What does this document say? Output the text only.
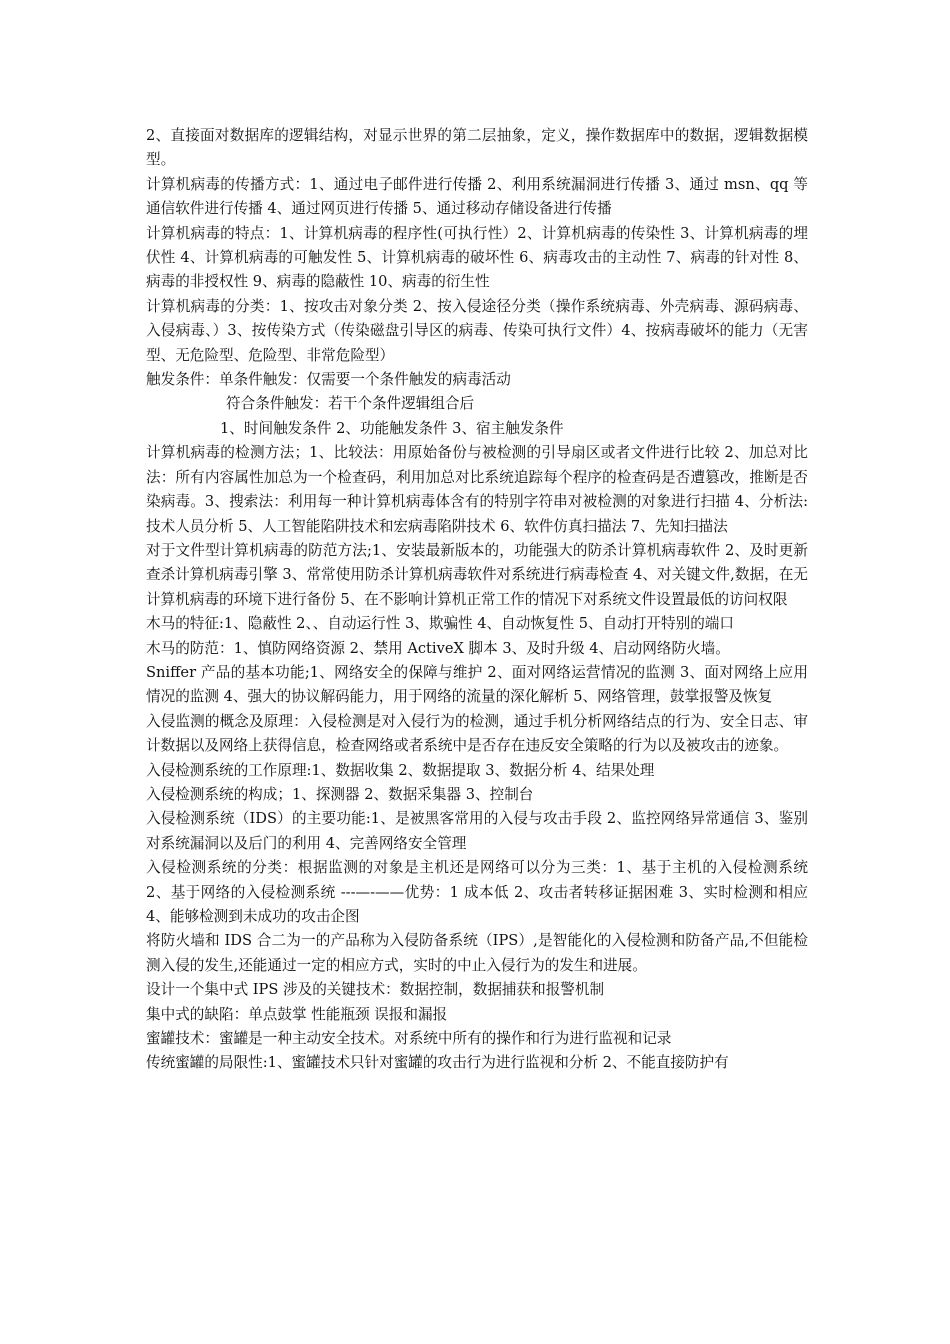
2、直接面对数据库的逻辑结构，对显示世界的第二层抽象，定义，操作数据库中的数据，逻辑数据模型。

计算机病毒的传播方式：1、通过电子邮件进行传播 2、利用系统漏洞进行传播 3、通过 msn、qq 等通信软件进行传播 4、通过网页进行传播 5、通过移动存储设备进行传播

计算机病毒的特点：1、计算机病毒的程序性(可执行性）2、计算机病毒的传染性 3、计算机病毒的埋伏性 4、计算机病毒的可触发性 5、计算机病毒的破坏性 6、病毒攻击的主动性 7、病毒的针对性 8、病毒的非授权性 9、病毒的隐蔽性 10、病毒的衍生性

计算机病毒的分类：1、按攻击对象分类 2、按入侵途径分类（操作系统病毒、外壳病毒、源码病毒、入侵病毒、）3、按传染方式（传染磁盘引导区的病毒、传染可执行文件）4、按病毒破坏的能力（无害型、无危险型、危险型、非常危险型）

触发条件：单条件触发：仅需要一个条件触发的病毒活动

符合条件触发：若干个条件逻辑组合后

1、时间触发条件 2、功能触发条件 3、宿主触发条件

计算机病毒的检测方法；1、比较法：用原始备份与被检测的引导扇区或者文件进行比较 2、加总对比法：所有内容属性加总为一个检查码，利用加总对比系统追踪每个程序的检查码是否遭篡改，推断是否染病毒。3、搜索法：利用每一种计算机病毒体含有的特别字符串对被检测的对象进行扫描 4、分析法:技术人员分析 5、人工智能陷阱技术和宏病毒陷阱技术 6、软件仿真扫描法 7、先知扫描法

对于文件型计算机病毒的防范方法;1、安装最新版本的，功能强大的防杀计算机病毒软件 2、及时更新查杀计算机病毒引擎 3、常常使用防杀计算机病毒软件对系统进行病毒检查 4、对关键文件,数据，在无计算机病毒的环境下进行备份 5、在不影响计算机正常工作的情况下对系统文件设置最低的访问权限

木马的特征:1、隐蔽性 2、、自动运行性 3、欺骗性 4、自动恢复性 5、自动打开特别的端口

木马的防范：1、慎防网络资源 2、禁用 ActiveX 脚本 3、及时升级 4、启动网络防火墙。

Sniffer 产品的基本功能;1、网络安全的保障与维护 2、面对网络运营情况的监测 3、面对网络上应用情况的监测 4、强大的协议解码能力，用于网络的流量的深化解析 5、网络管理，鼓掌报警及恢复

入侵监测的概念及原理：入侵检测是对入侵行为的检测，通过手机分析网络结点的行为、安全日志、审计数据以及网络上获得信息，检查网络或者系统中是否存在违反安全策略的行为以及被攻击的迹象。

入侵检测系统的工作原理:1、数据收集 2、数据提取 3、数据分析 4、结果处理

入侵检测系统的构成；1、探测器 2、数据采集器 3、控制台

入侵检测系统（IDS）的主要功能:1、是被黑客常用的入侵与攻击手段 2、监控网络异常通信 3、鉴别对系统漏洞以及后门的利用 4、完善网络安全管理

入侵检测系统的分类：根据监测的对象是主机还是网络可以分为三类：1、基于主机的入侵检测系统 2、基于网络的入侵检测系统 ---—-——优势：1 成本低 2、攻击者转移证据困难 3、实时检测和相应 4、能够检测到未成功的攻击企图

将防火墙和 IDS 合二为一的产品称为入侵防备系统（IPS）,是智能化的入侵检测和防备产品,不但能检测入侵的发生,还能通过一定的相应方式，实时的中止入侵行为的发生和进展。

设计一个集中式 IPS 涉及的关键技术：数据控制，数据捕获和报警机制

集中式的缺陷：单点鼓掌 性能瓶颈 误报和漏报

蜜罐技术：蜜罐是一种主动安全技术。对系统中所有的操作和行为进行监视和记录

传统蜜罐的局限性:1、蜜罐技术只针对蜜罐的攻击行为进行监视和分析 2、不能直接防护有
